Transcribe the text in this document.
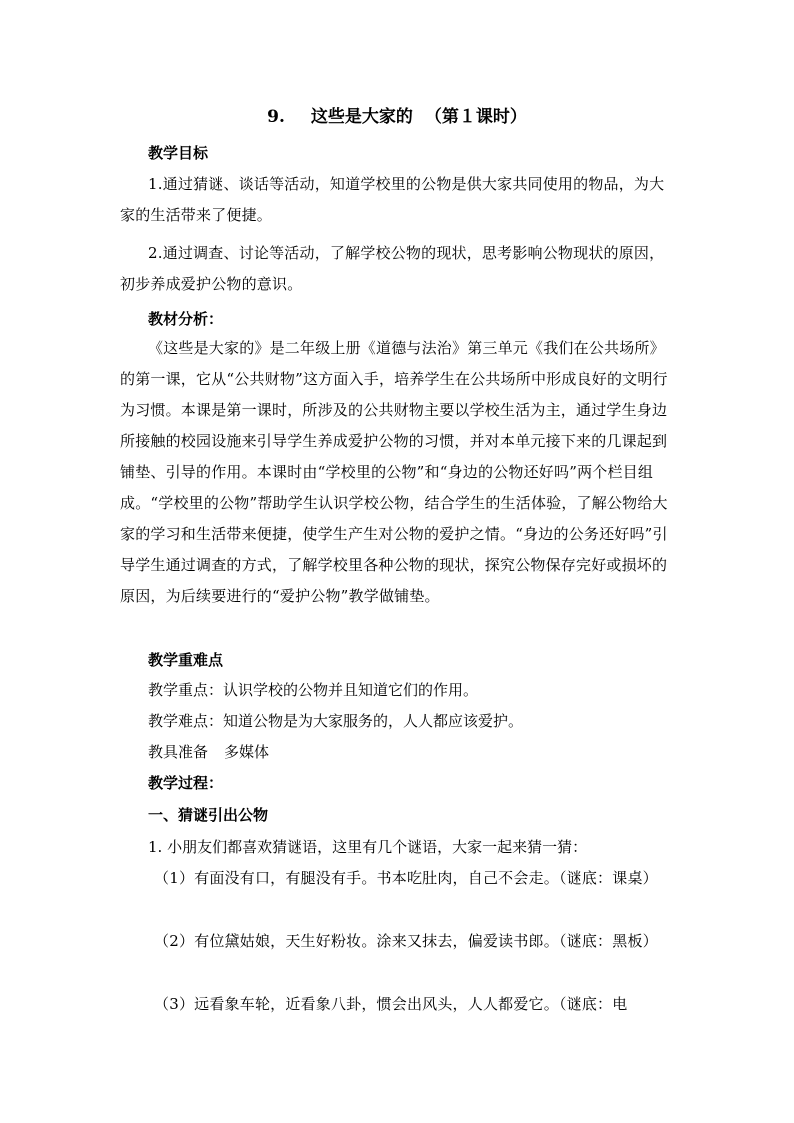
9. 这些是大家的 （第１课时）
教学目标

1.通过猜谜、谈话等活动，知道学校里的公物是供大家共同使用的物品，为大家的生活带来了便捷。

2.通过调查、讨论等活动，了解学校公物的现状，思考影响公物现状的原因，初步养成爱护公物的意识。

教材分析：

《这些是大家的》是二年级上册《道德与法治》第三单元《我们在公共场所》的第一课，它从“公共财物”这方面入手，培养学生在公共场所中形成良好的文明行为习惯。本课是第一课时，所涉及的公共财物主要以学校生活为主，通过学生身边所接触的校园设施来引导学生养成爱护公物的习惯，并对本单元接下来的几课起到铺垫、引导的作用。本课时由“学校里的公物”和“身边的公物还好吗”两个栏目组成。“学校里的公物”帮助学生认识学校公物，结合学生的生活体验，了解公物给大家的学习和生活带来便捷，使学生产生对公物的爱护之情。“身边的公务还好吗”引导学生通过调查的方式，了解学校里各种公物的现状，探究公物保存完好或损坏的原因，为后续要进行的“爱护公物”教学做铺垫。

教学重难点
教学重点：认识学校的公物并且知道它们的作用。
教学难点：知道公物是为大家服务的，人人都应该爱护。
教具准备 多媒体
教学过程：
一、猜谜引出公物
1. 小朋友们都喜欢猜谜语，这里有几个谜语，大家一起来猜一猜：

（1）有面没有口，有腿没有手。书本吃肚肉，自己不会走。（谜底：课桌）

（2）有位黛姑娘，天生好粉妆。涂来又抹去，偏爱读书郎。（谜底：黑板）

（3）远看象车轮，近看象八卦，惯会出风头，人人都爱它。（谜底：电
